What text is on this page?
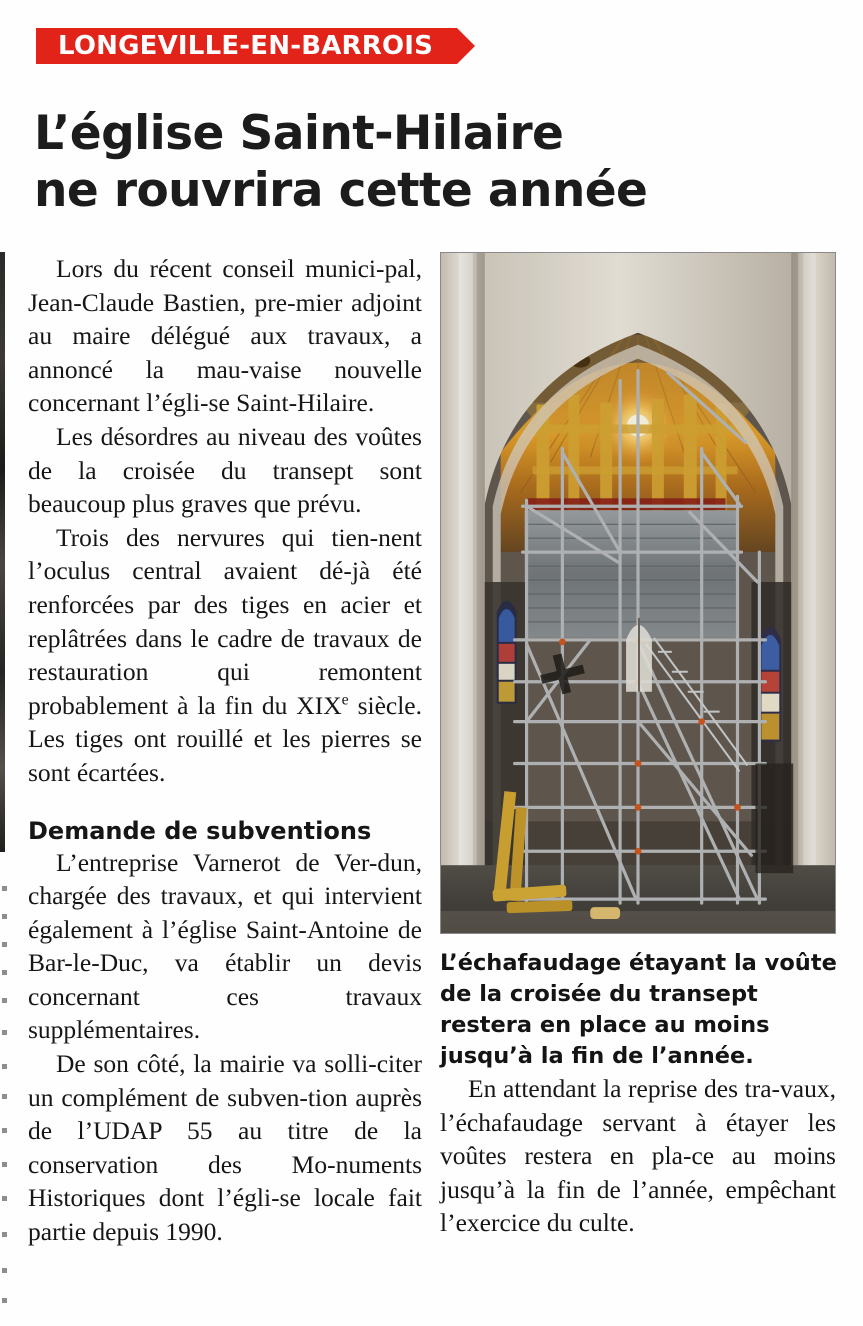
LONGEVILLE-EN-BARROIS
L’église Saint-Hilaire
ne rouvrira cette année

Lors du récent conseil munici-pal, Jean-Claude Bastien, pre-mier adjoint au maire délégué aux travaux, a annoncé la mau-vaise nouvelle concernant l’égli-se Saint-Hilaire.

Les désordres au niveau des voûtes de la croisée du transept sont beaucoup plus graves que prévu.

Trois des nervures qui tien-nent l’oculus central avaient dé-jà été renforcées par des tiges en acier et replâtrées dans le cadre de travaux de restauration qui remontent probablement à la fin du XIXe siècle. Les tiges ont rouillé et les pierres se sont écartées.

Demande de subventions

L’entreprise Varnerot de Ver-dun, chargée des travaux, et qui intervient également à l’église Saint-Antoine de Bar-le-Duc, va établir un devis concernant ces travaux supplémentaires.

De son côté, la mairie va solli-citer un complément de subven-tion auprès de l’UDAP 55 au titre de la conservation des Mo-numents Historiques dont l’égli-se locale fait partie depuis 1990.

L’échafaudage étayant la voûte
de la croisée du transept
restera en place au moins
jusqu’à la fin de l’année.

En attendant la reprise des tra-vaux, l’échafaudage servant à étayer les voûtes restera en pla-ce au moins jusqu’à la fin de l’année, empêchant l’exercice du culte.
